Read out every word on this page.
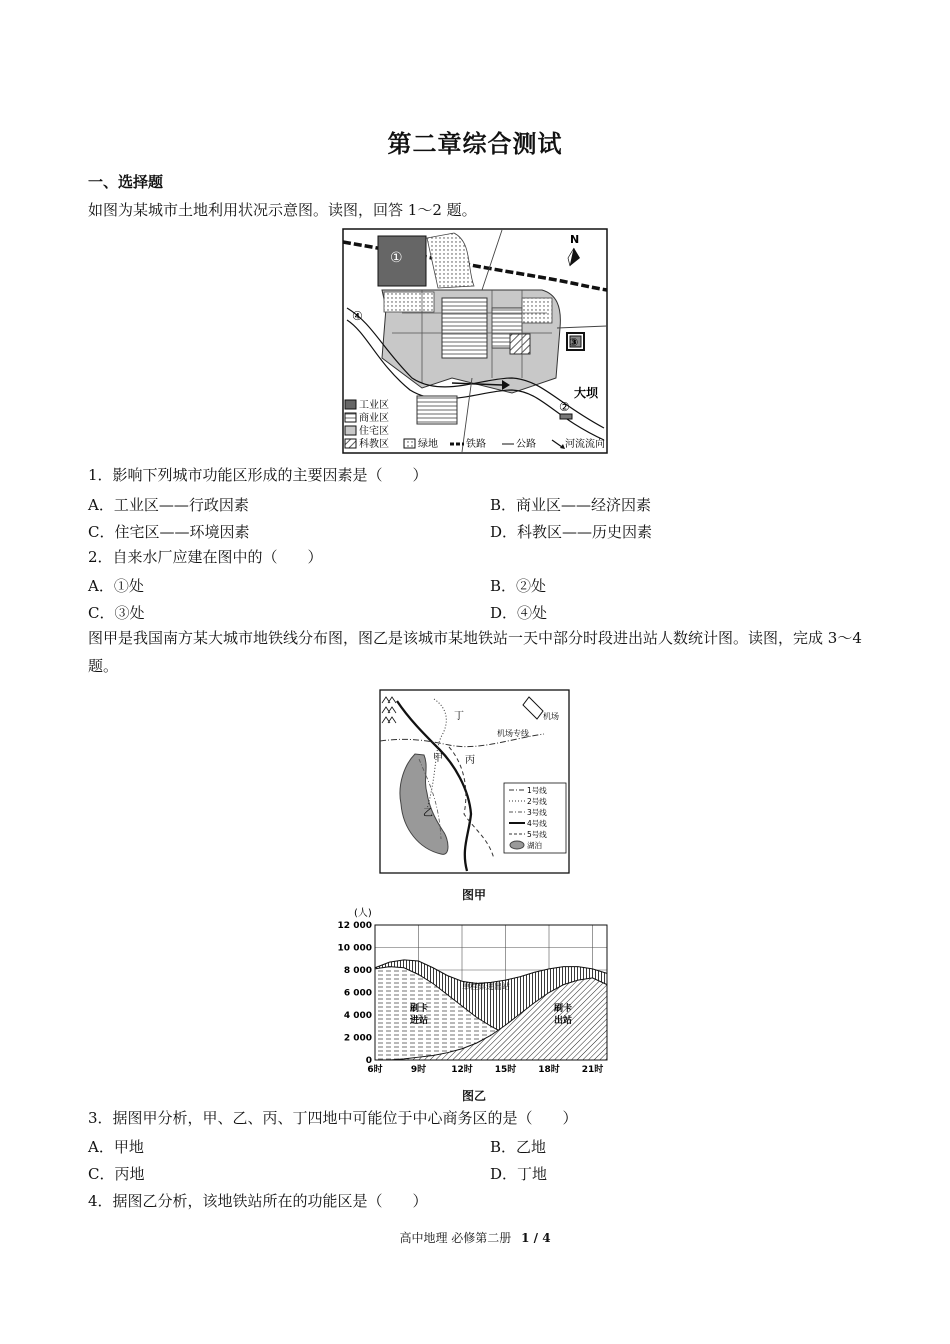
第二章综合测试
一、选择题
如图为某城市土地利用状况示意图。读图，回答 1～2 题。
①
③
④
②
大坝
N
工业区
商业区
住宅区
科教区	绿地	铁路	公路	河流流向
1．影响下列城市功能区形成的主要因素是（　　）
A．工业区——行政因素	B．商业区——经济因素
C．住宅区——环境因素	D．科教区——历史因素
2．自来水厂应建在图中的（　　）
A．①处	B．②处
C．③处	D．④处
图甲是我国南方某大城市地铁线分布图，图乙是该城市某地铁站一天中部分时段进出站人数统计图。读图，完成 3～4 题。
机场
机场专线
丁
甲 丙
乙
1号线
2号线
3号线
4号线
5号线
湖泊
图甲
0
2 000
4 000
6 000
8 000
10 000
12 000
6时	9时	12时 15时 18时 21时
(人)
刷卡
进站
刷卡
出站
单程票进出站
图乙
3．据图甲分析，甲、乙、丙、丁四地中可能位于中心商务区的是（　　）
A．甲地	B．乙地
C．丙地	D．丁地
4．据图乙分析，该地铁站所在的功能区是（　　）
高中地理 必修第二册 1 / 4
